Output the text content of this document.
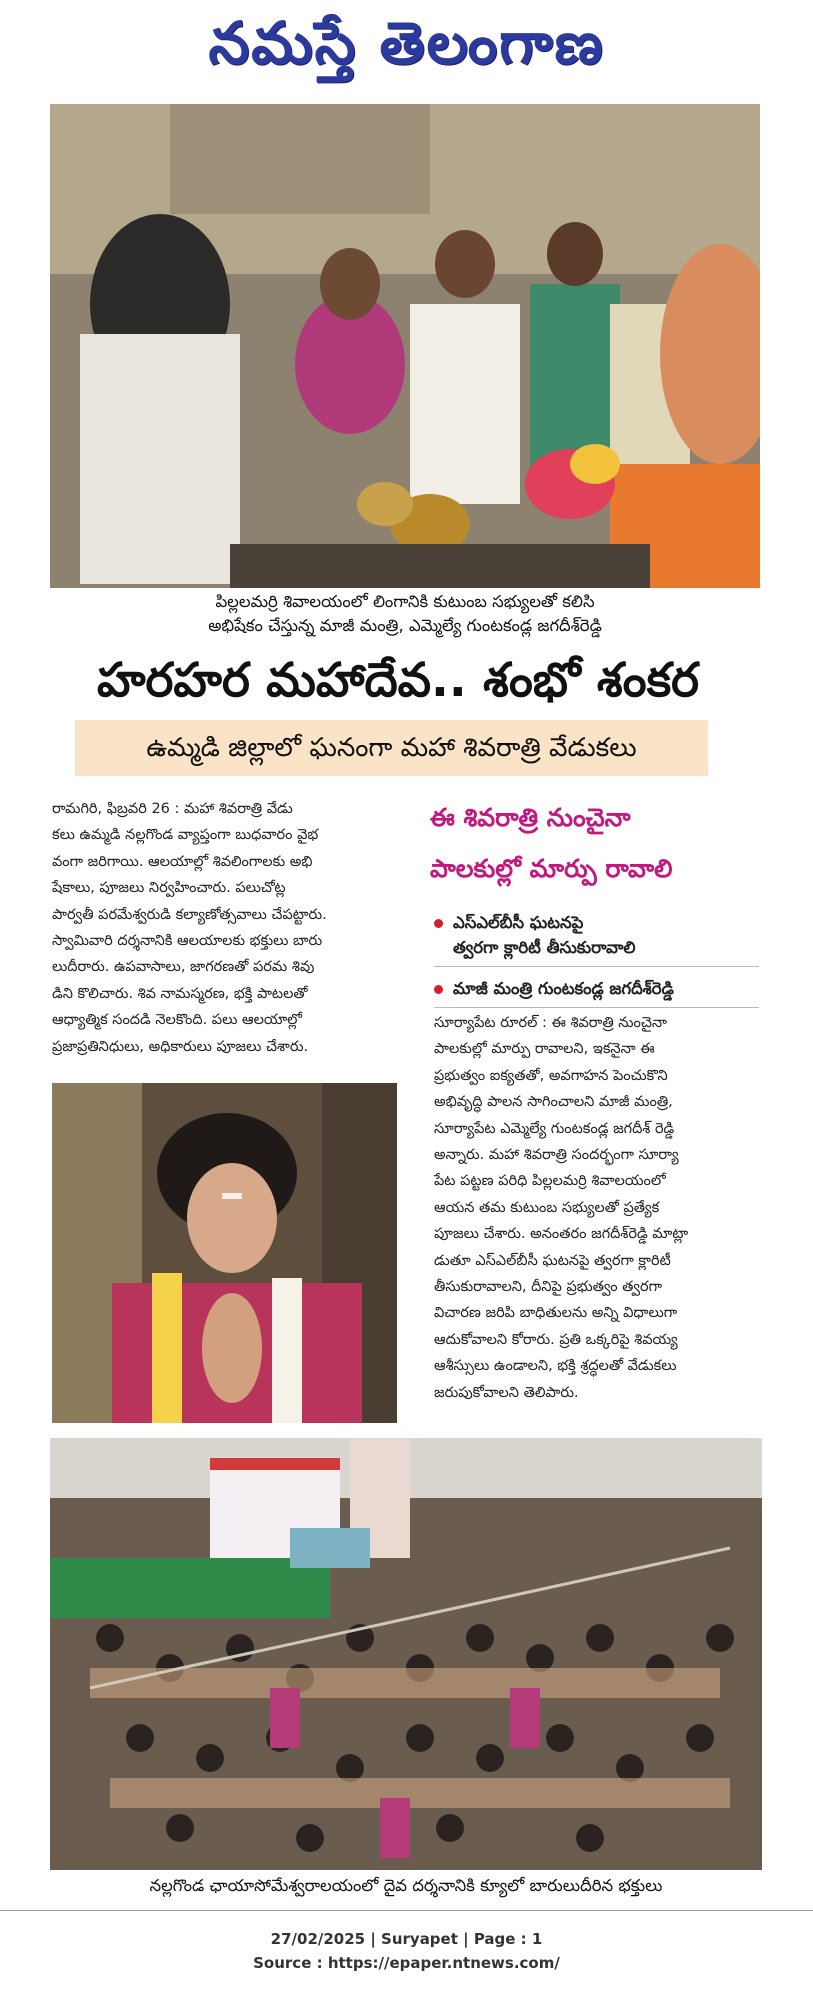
నమస్తే తెలంగాణ
పిల్లలమర్రి శివాలయంలో లింగానికి కుటుంబ సభ్యులతో కలిసి
అభిషేకం చేస్తున్న మాజీ మంత్రి, ఎమ్మెల్యే గుంటకండ్ల జగదీశ్‌రెడ్డి
హరహర మహాదేవ.. శంభో శంకర
ఉమ్మడి జిల్లాలో ఘనంగా మహా శివరాత్రి వేడుకలు
రామగిరి, ఫిబ్రవరి 26 : మహా శివరాత్రి వేడు
కలు ఉమ్మడి నల్లగొండ వ్యాప్తంగా బుధవారం వైభ
వంగా జరిగాయి. ఆలయాల్లో శివలింగాలకు అభి
షేకాలు, పూజలు నిర్వహించారు. పలుచోట్ల
పార్వతీ పరమేశ్వరుడి కల్యాణోత్సవాలు చేపట్టారు.
స్వామివారి దర్శనానికి ఆలయాలకు భక్తులు బారు
లుదీరారు. ఉపవాసాలు, జాగరణతో పరమ శివు
డిని కొలిచారు. శివ నామస్మరణ, భక్తి పాటలతో
ఆధ్యాత్మిక సందడి నెలకొంది. పలు ఆలయాల్లో
ప్రజాప్రతినిధులు, అధికారులు పూజలు చేశారు.
ఈ శివరాత్రి నుంచైనా
పాలకుల్లో మార్పు రావాలి
ఎస్‌ఎల్‌బీసీ ఘటనపై
త్వరగా క్లారిటీ తీసుకురావాలి
మాజీ మంత్రి గుంటకండ్ల జగదీశ్‌రెడ్డి
సూర్యాపేట రూరల్ : ఈ శివరాత్రి నుంచైనా
పాలకుల్లో మార్పు రావాలని, ఇకనైనా ఈ
ప్రభుత్వం ఐక్యతతో, అవగాహన పెంచుకొని
అభివృద్ధి పాలన సాగించాలని మాజీ మంత్రి,
సూర్యాపేట ఎమ్మెల్యే గుంటకండ్ల జగదీశ్ రెడ్డి
అన్నారు. మహా శివరాత్రి సందర్భంగా సూర్యా
పేట పట్టణ పరిధి పిల్లలమర్రి శివాలయంలో
ఆయన తమ కుటుంబ సభ్యులతో ప్రత్యేక
పూజలు చేశారు. అనంతరం జగదీశ్‌రెడ్డి మాట్లా
డుతూ ఎస్‌ఎల్‌బీసీ ఘటనపై త్వరగా క్లారిటీ
తీసుకురావాలని, దీనిపై ప్రభుత్వం త్వరగా
విచారణ జరిపి బాధితులను అన్ని విధాలుగా
ఆదుకోవాలని కోరారు. ప్రతి ఒక్కరిపై శివయ్య
ఆశీస్సులు ఉండాలని, భక్తి శ్రద్ధలతో వేడుకలు
జరుపుకోవాలని తెలిపారు.
నల్లగొండ ఛాయాసోమేశ్వరాలయంలో దైవ దర్శనానికి క్యూలో బారులుదీరిన భక్తులు
27/02/2025 | Suryapet | Page : 1
Source : https://epaper.ntnews.com/
